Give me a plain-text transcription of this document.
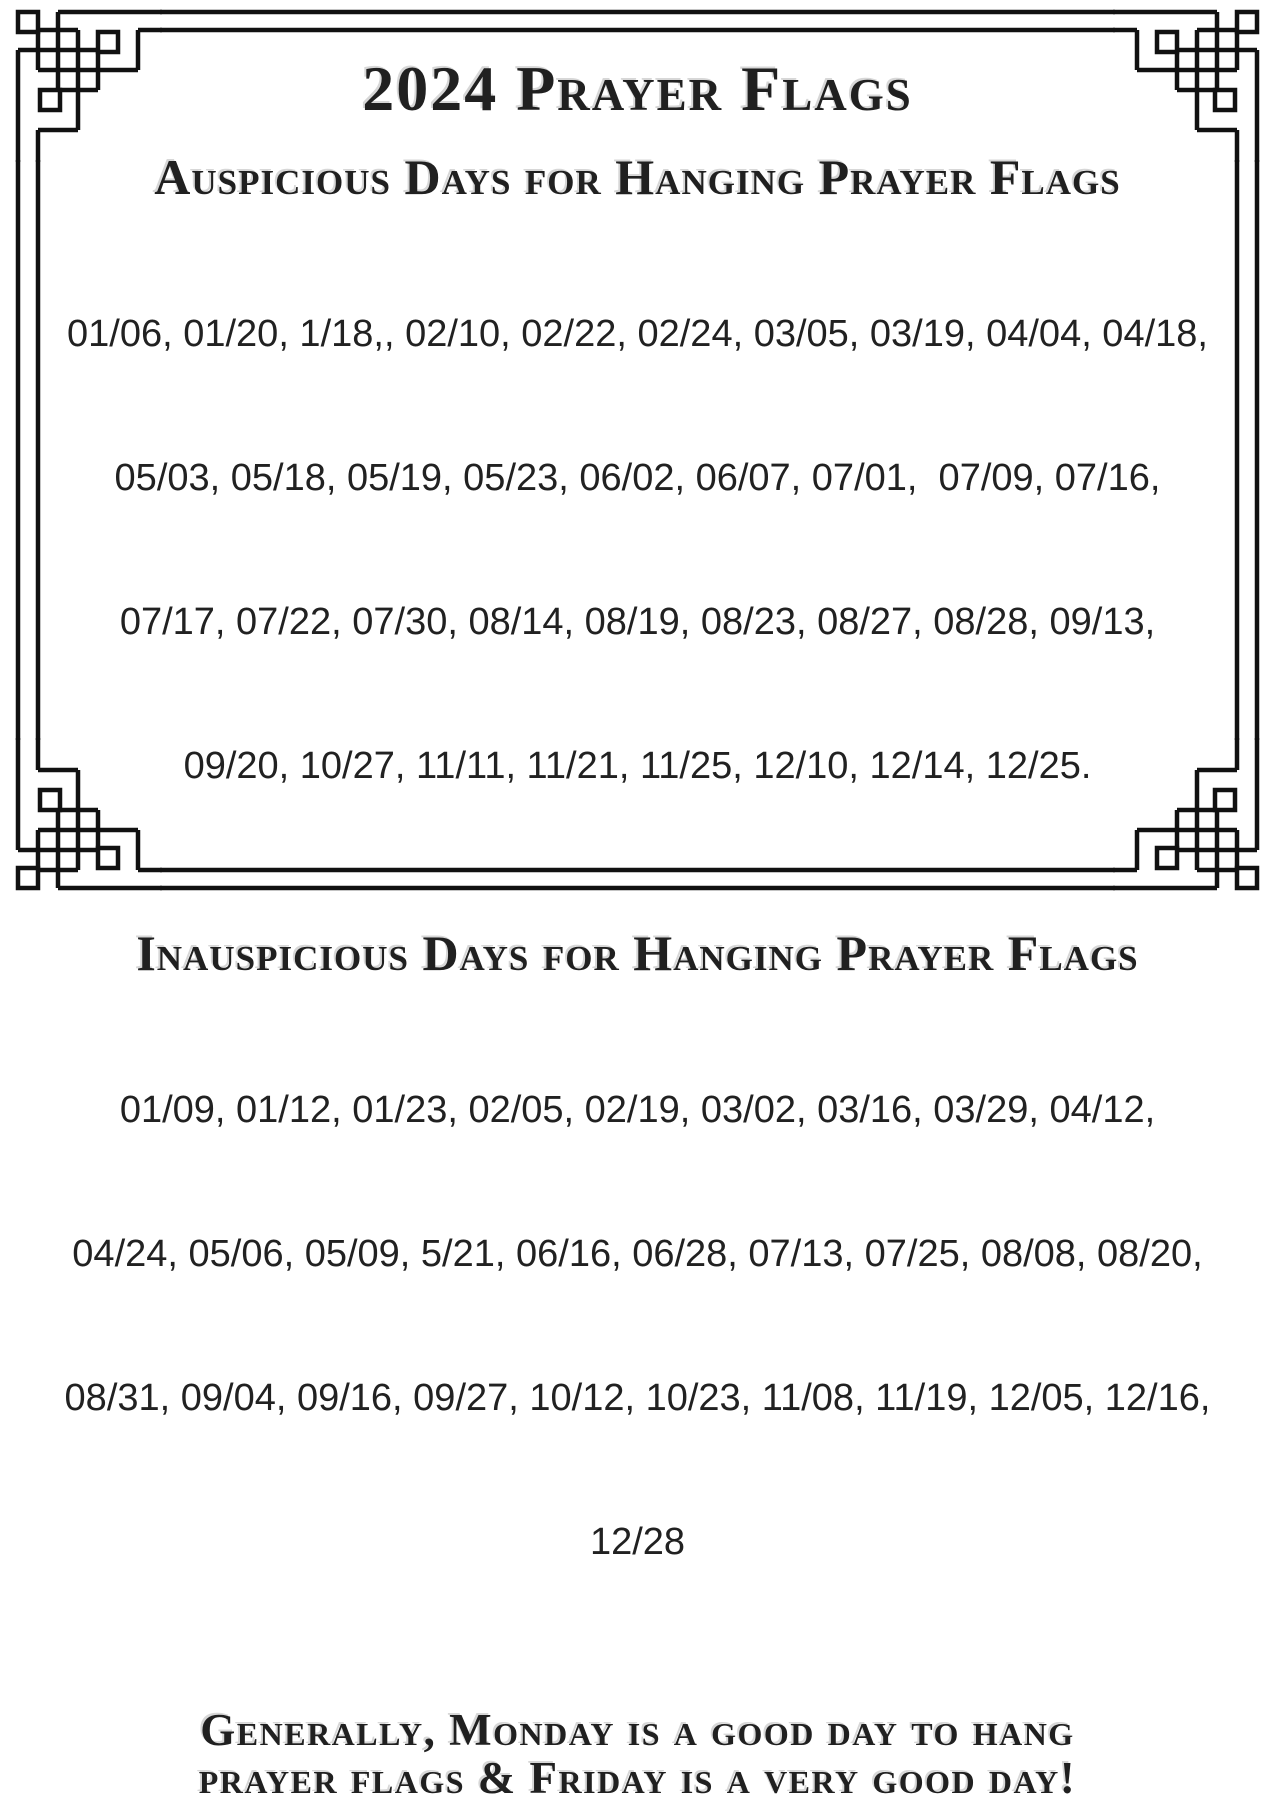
2024 Prayer Flags
Auspicious Days for Hanging Prayer Flags

01/06, 01/20, 1/18,, 02/10, 02/22, 02/24, 03/05, 03/19, 04/04, 04/18,

05/03, 05/18, 05/19, 05/23, 06/02, 06/07, 07/01,  07/09, 07/16,

07/17, 07/22, 07/30, 08/14, 08/19, 08/23, 08/27, 08/28, 09/13,

09/20, 10/27, 11/11, 11/21, 11/25, 12/10, 12/14, 12/25.

Inauspicious Days for Hanging Prayer Flags

01/09, 01/12, 01/23, 02/05, 02/19, 03/02, 03/16, 03/29, 04/12,

04/24, 05/06, 05/09, 5/21, 06/16, 06/28, 07/13, 07/25, 08/08, 08/20,

08/31, 09/04, 09/16, 09/27, 10/12, 10/23, 11/08, 11/19, 12/05, 12/16,

12/28

Generally, Monday is a good day to hang
prayer flags & Friday is a very good day!
